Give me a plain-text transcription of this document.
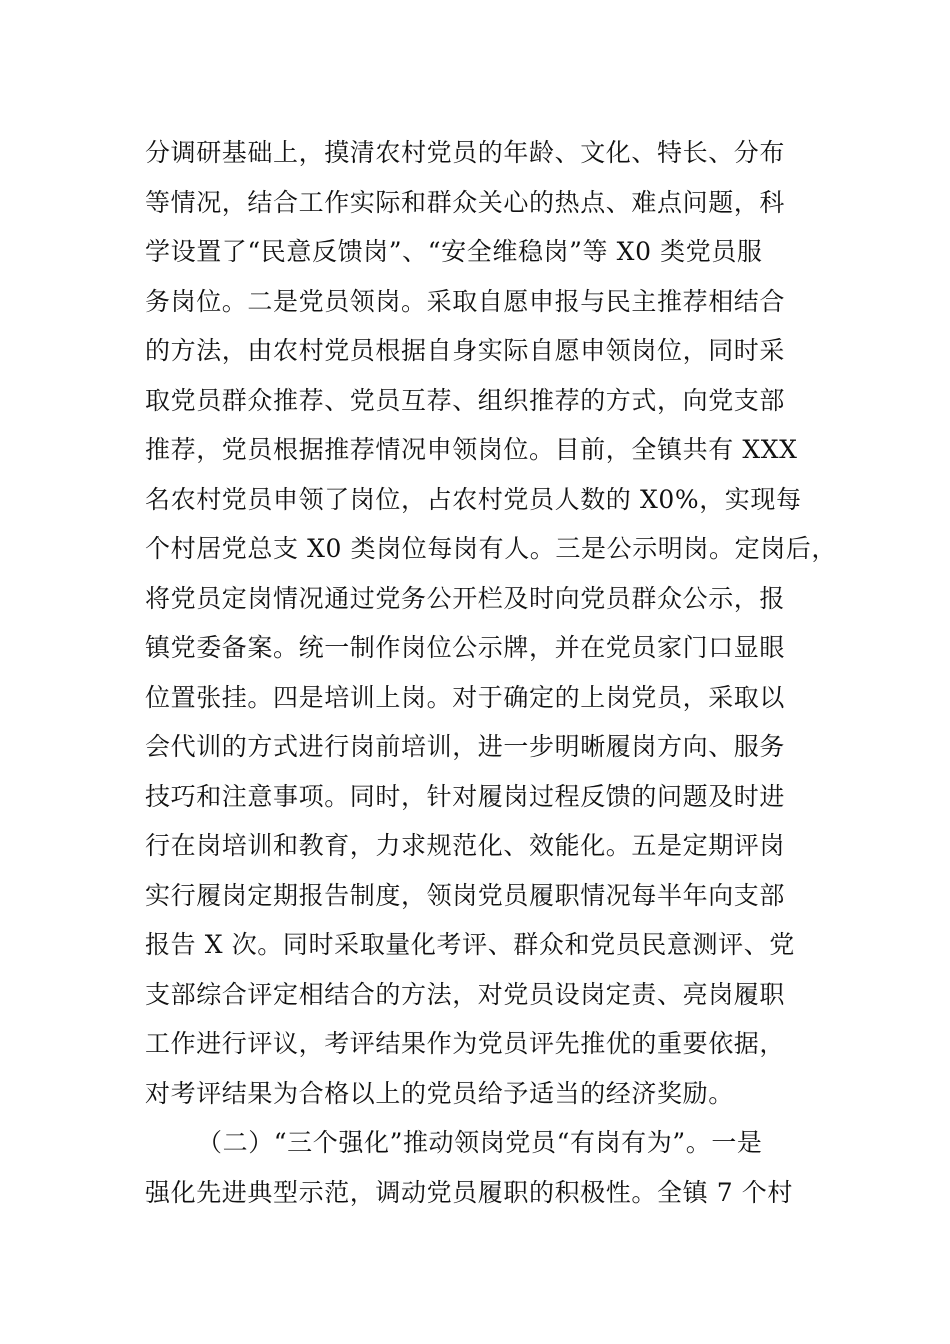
分调研基础上，摸清农村党员的年龄、文化、特长、分布
等情况，结合工作实际和群众关心的热点、难点问题，科
学设置了“民意反馈岗”、“安全维稳岗”等 X0 类党员服
务岗位。二是党员领岗。采取自愿申报与民主推荐相结合
的方法，由农村党员根据自身实际自愿申领岗位，同时采
取党员群众推荐、党员互荐、组织推荐的方式，向党支部
推荐，党员根据推荐情况申领岗位。目前，全镇共有 XXX
名农村党员申领了岗位，占农村党员人数的 X0%，实现每
个村居党总支 X0 类岗位每岗有人。三是公示明岗。定岗后，
将党员定岗情况通过党务公开栏及时向党员群众公示，报
镇党委备案。统一制作岗位公示牌，并在党员家门口显眼
位置张挂。四是培训上岗。对于确定的上岗党员，采取以
会代训的方式进行岗前培训，进一步明晰履岗方向、服务
技巧和注意事项。同时，针对履岗过程反馈的问题及时进
行在岗培训和教育，力求规范化、效能化。五是定期评岗
实行履岗定期报告制度，领岗党员履职情况每半年向支部
报告 X 次。同时采取量化考评、群众和党员民意测评、党
支部综合评定相结合的方法，对党员设岗定责、亮岗履职
工作进行评议，考评结果作为党员评先推优的重要依据，
对考评结果为合格以上的党员给予适当的经济奖励。
（二）“三个强化”推动领岗党员“有岗有为”。一是
强化先进典型示范，调动党员履职的积极性。全镇 7 个村
